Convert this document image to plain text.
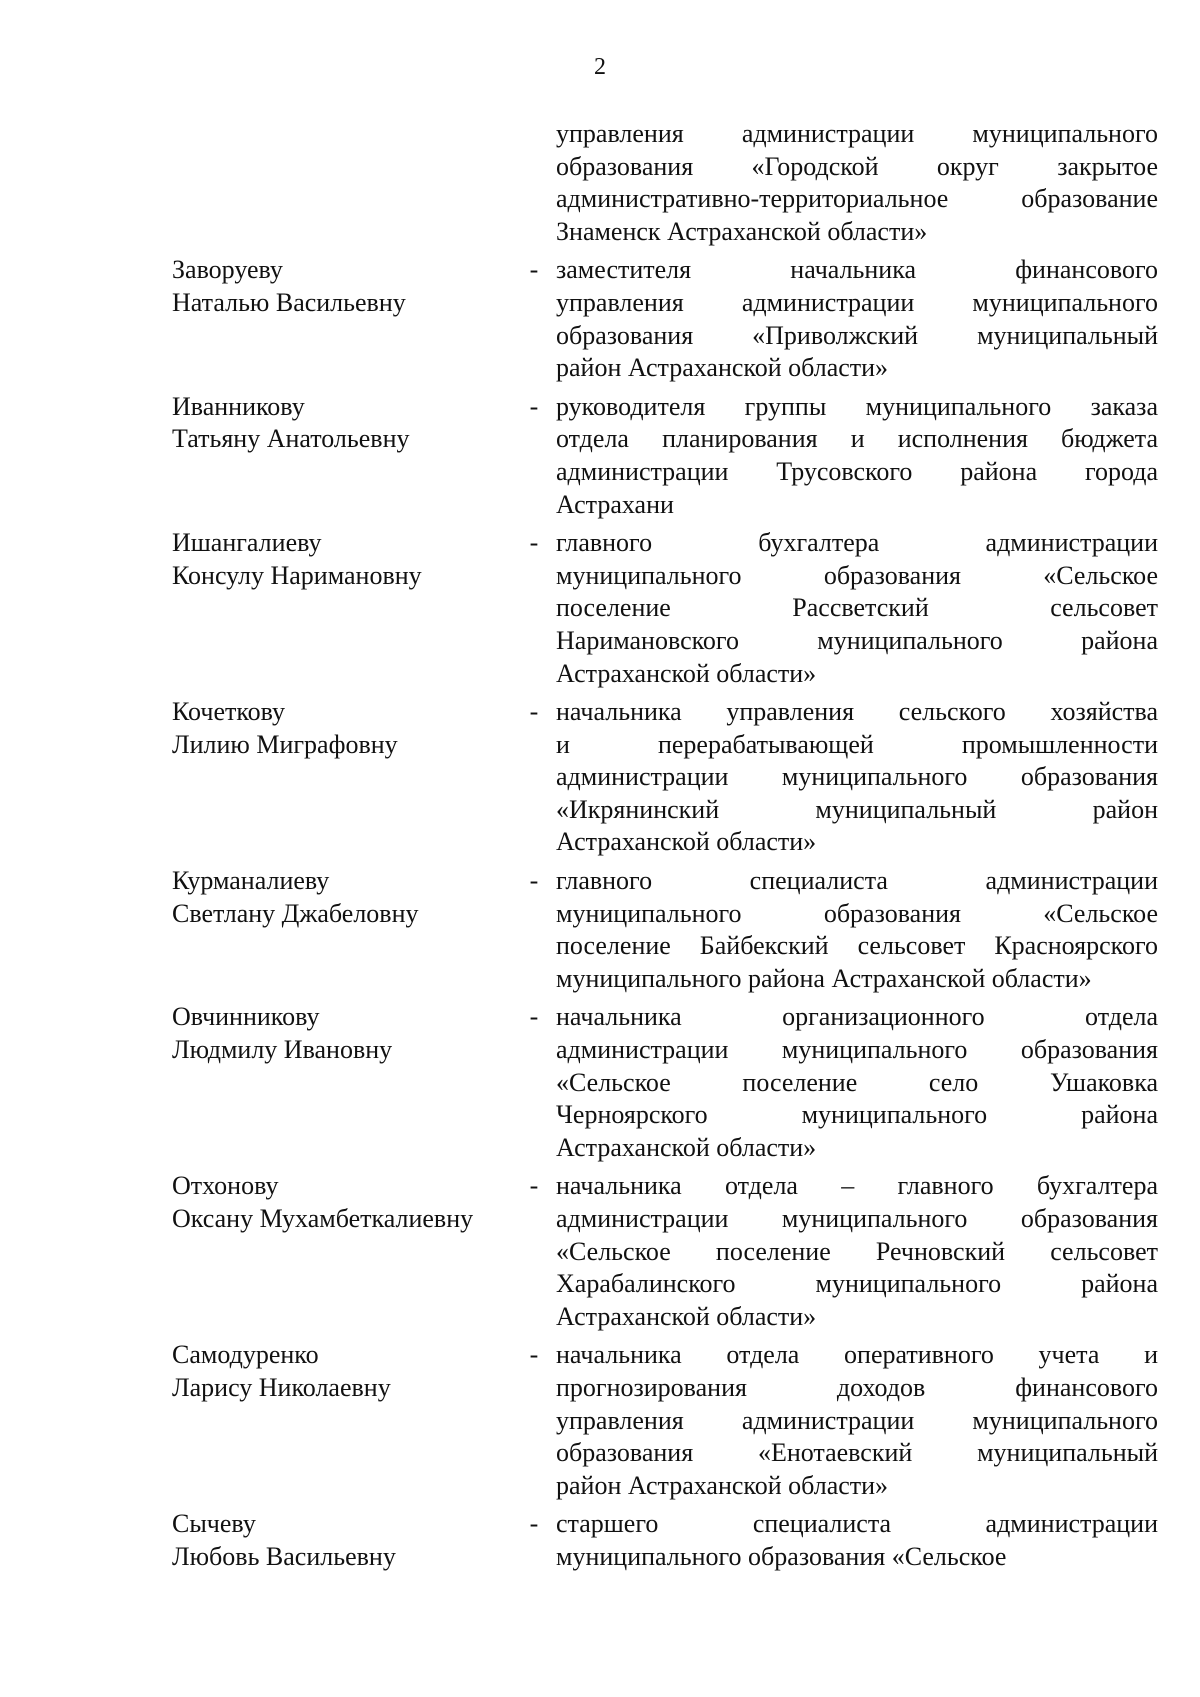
2
управления администрации муниципального
образования «Городской округ закрытое
административно-территориальное образование
Знаменск Астраханской области»
Заворуеву
Наталью Васильевну
- заместителя начальника финансового
управления администрации муниципального
образования «Приволжский муниципальный
район Астраханской области»
Иванникову
Татьяну Анатольевну
- руководителя группы муниципального заказа
отдела планирования и исполнения бюджета
администрации Трусовского района города
Астрахани
Ишангалиеву
Консулу Наримановну
- главного бухгалтера администрации
муниципального образования «Сельское
поселение Рассветский сельсовет
Наримановского муниципального района
Астраханской области»
Кочеткову
Лилию Миграфовну
- начальника управления сельского хозяйства
и перерабатывающей промышленности
администрации муниципального образования
«Икрянинский муниципальный район
Астраханской области»
Курманалиеву
Светлану Джабеловну
- главного специалиста администрации
муниципального образования «Сельское
поселение Байбекский сельсовет Красноярского
муниципального района Астраханской области»
Овчинникову
Людмилу Ивановну
- начальника организационного отдела
администрации муниципального образования
«Сельское поселение село Ушаковка
Черноярского муниципального района
Астраханской области»
Отхонову
Оксану Мухамбеткалиевну
- начальника отдела – главного бухгалтера
администрации муниципального образования
«Сельское поселение Речновский сельсовет
Харабалинского муниципального района
Астраханской области»
Самодуренко
Ларису Николаевну
- начальника отдела оперативного учета и
прогнозирования доходов финансового
управления администрации муниципального
образования «Енотаевский муниципальный
район Астраханской области»
Сычеву
Любовь Васильевну
- старшего специалиста администрации
муниципального образования «Сельское
